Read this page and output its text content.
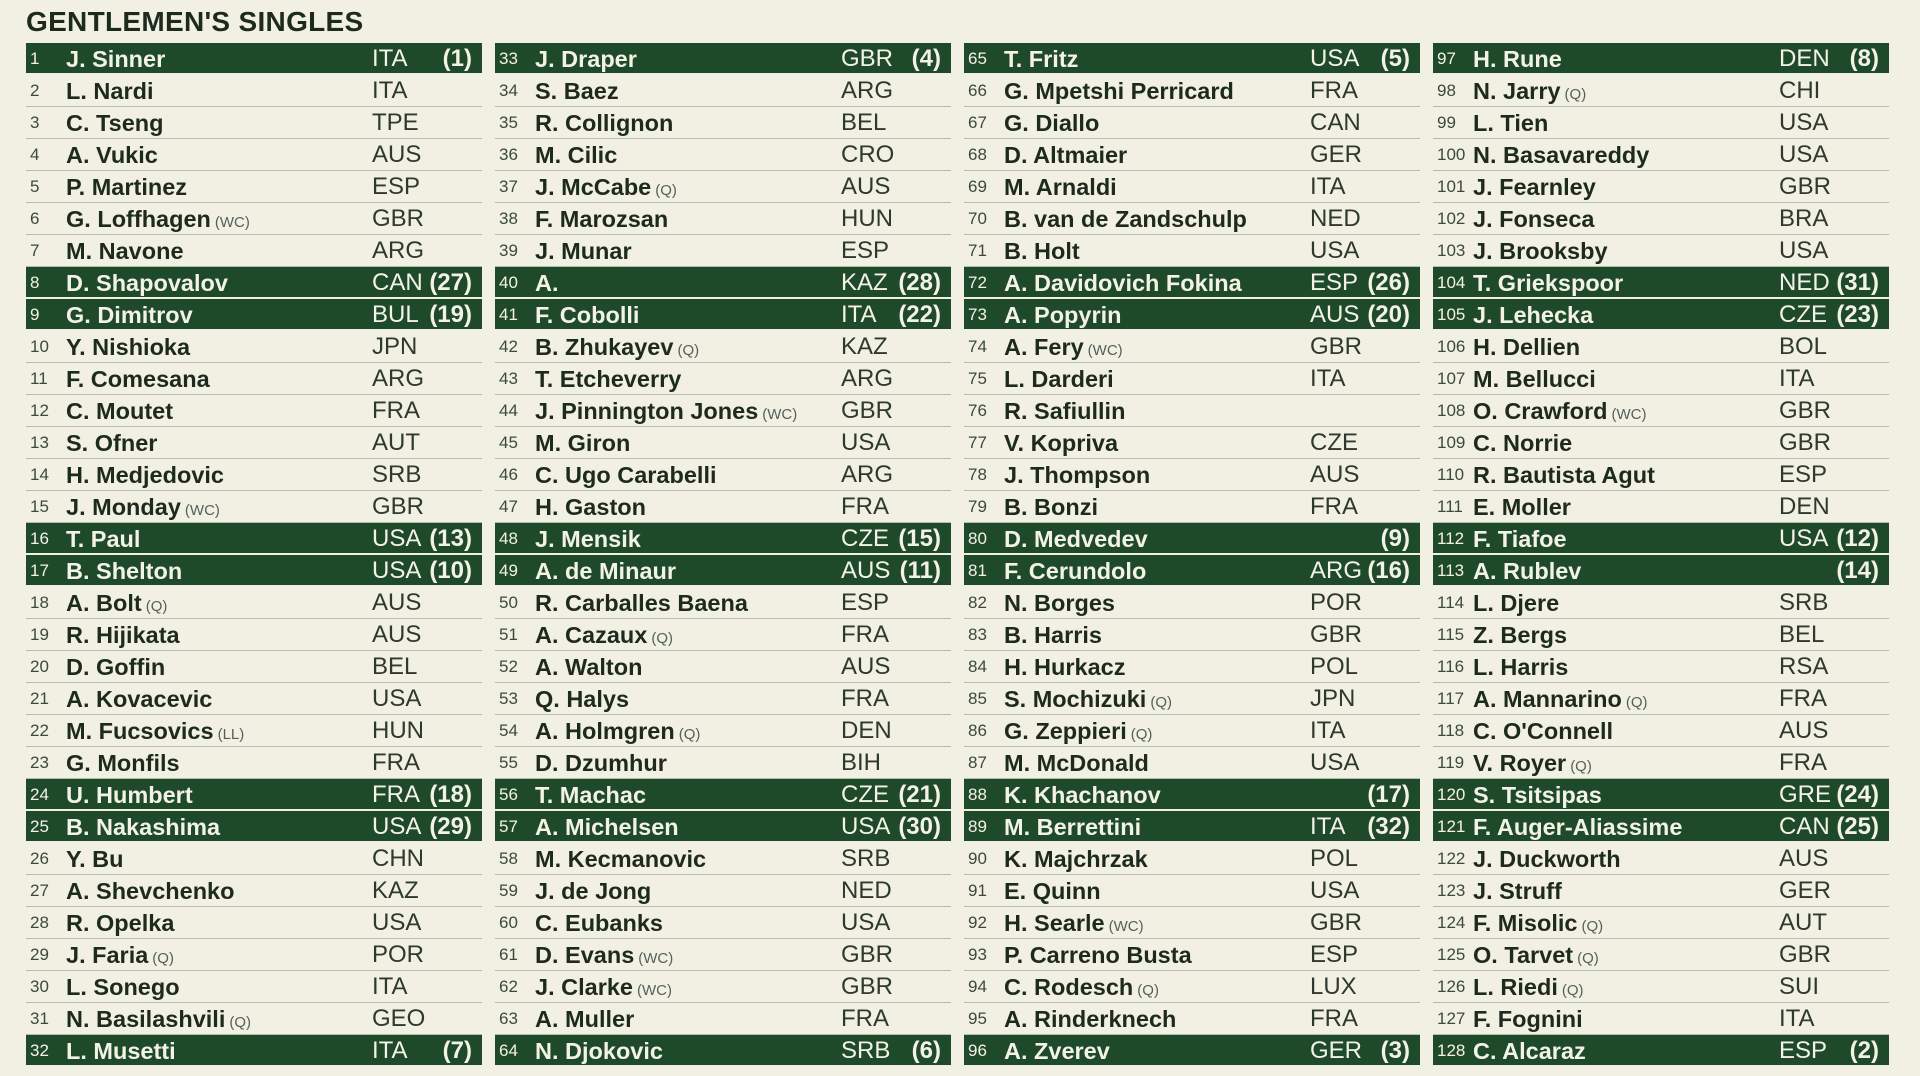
GENTLEMEN'S SINGLES
1	J. Sinner	ITA (1)
2	L. Nardi	ITA
3	C. Tseng	TPE
4	A. Vukic	AUS
5	P. Martinez	ESP
6	G. Loffhagen (WC)	GBR
7	M. Navone	ARG
8	D. Shapovalov	CAN (27)
9	G. Dimitrov	BUL (19)
10 Y. Nishioka	JPN
11 F. Comesana	ARG
12 C. Moutet	FRA
13 S. Ofner	AUT
14 H. Medjedovic	SRB
15 J. Monday (WC)	GBR
16 T. Paul	USA (13)
17 B. Shelton	USA (10)
18 A. Bolt (Q)	AUS
19 R. Hijikata	AUS
20 D. Goffin	BEL
21 A. Kovacevic	USA
22 M. Fucsovics (LL)	HUN
23 G. Monfils	FRA
24 U. Humbert	FRA (18)
25 B. Nakashima	USA (29)
26 Y. Bu	CHN
27 A. Shevchenko	KAZ
28 R. Opelka	USA
29 J. Faria (Q)	POR
30 L. Sonego	ITA
31 N. Basilashvili (Q)	GEO
32 L. Musetti	ITA (7)
33 J. Draper	GBR (4)
34 S. Baez	ARG
35 R. Collignon	BEL
36 M. Cilic	CRO
37 J. McCabe (Q)	AUS
38 F. Marozsan	HUN
39 J. Munar	ESP
40 A.	KAZ (28)
41 F. Cobolli	ITA (22)
42 B. Zhukayev (Q)	KAZ
43 T. Etcheverry	ARG
44 J. Pinnington Jones (WC) GBR
45 M. Giron	USA
46 C. Ugo Carabelli	ARG
47 H. Gaston	FRA
48 J. Mensik	CZE (15)
49 A. de Minaur	AUS (11)
50 R. Carballes Baena	ESP
51 A. Cazaux (Q)	FRA
52 A. Walton	AUS
53 Q. Halys	FRA
54 A. Holmgren (Q)	DEN
55 D. Dzumhur	BIH
56 T. Machac	CZE (21)
57 A. Michelsen	USA (30)
58 M. Kecmanovic	SRB
59 J. de Jong	NED
60 C. Eubanks	USA
61 D. Evans (WC)	GBR
62 J. Clarke (WC)	GBR
63 A. Muller	FRA
64 N. Djokovic	SRB (6)
65 T. Fritz	USA (5)
66 G. Mpetshi Perricard	FRA
67 G. Diallo	CAN
68 D. Altmaier	GER
69 M. Arnaldi	ITA
70 B. van de Zandschulp	NED
71 B. Holt	USA
72 A. Davidovich Fokina	ESP (26)
73 A. Popyrin	AUS (20)
74 A. Fery (WC)	GBR
75 L. Darderi	ITA
76 R. Safiullin
77 V. Kopriva	CZE
78 J. Thompson	AUS
79 B. Bonzi	FRA
80 D. Medvedev	(9)
81 F. Cerundolo	ARG (16)
82 N. Borges	POR
83 B. Harris	GBR
84 H. Hurkacz	POL
85 S. Mochizuki (Q)	JPN
86 G. Zeppieri (Q)	ITA
87 M. McDonald	USA
88 K. Khachanov	(17)
89 M. Berrettini	ITA (32)
90 K. Majchrzak	POL
91 E. Quinn	USA
92 H. Searle (WC)	GBR
93 P. Carreno Busta	ESP
94 C. Rodesch (Q)	LUX
95 A. Rinderknech	FRA
96 A. Zverev	GER (3)
97 H. Rune	DEN (8)
98 N. Jarry (Q)	CHI
99 L. Tien	USA
100 N. Basavareddy	USA
101 J. Fearnley	GBR
102 J. Fonseca	BRA
103 J. Brooksby	USA
104 T. Griekspoor	NED (31)
105 J. Lehecka	CZE (23)
106 H. Dellien	BOL
107 M. Bellucci	ITA
108 O. Crawford (WC)	GBR
109 C. Norrie	GBR
110 R. Bautista Agut	ESP
111 E. Moller	DEN
112 F. Tiafoe	USA (12)
113 A. Rublev	(14)
114 L. Djere	SRB
115 Z. Bergs	BEL
116 L. Harris	RSA
117 A. Mannarino (Q)	FRA
118 C. O'Connell	AUS
119 V. Royer (Q)	FRA
120 S. Tsitsipas	GRE (24)
121 F. Auger-Aliassime	CAN (25)
122 J. Duckworth	AUS
123 J. Struff	GER
124 F. Misolic (Q)	AUT
125 O. Tarvet (Q)	GBR
126 L. Riedi (Q)	SUI
127 F. Fognini	ITA
128 C. Alcaraz	ESP (2)
